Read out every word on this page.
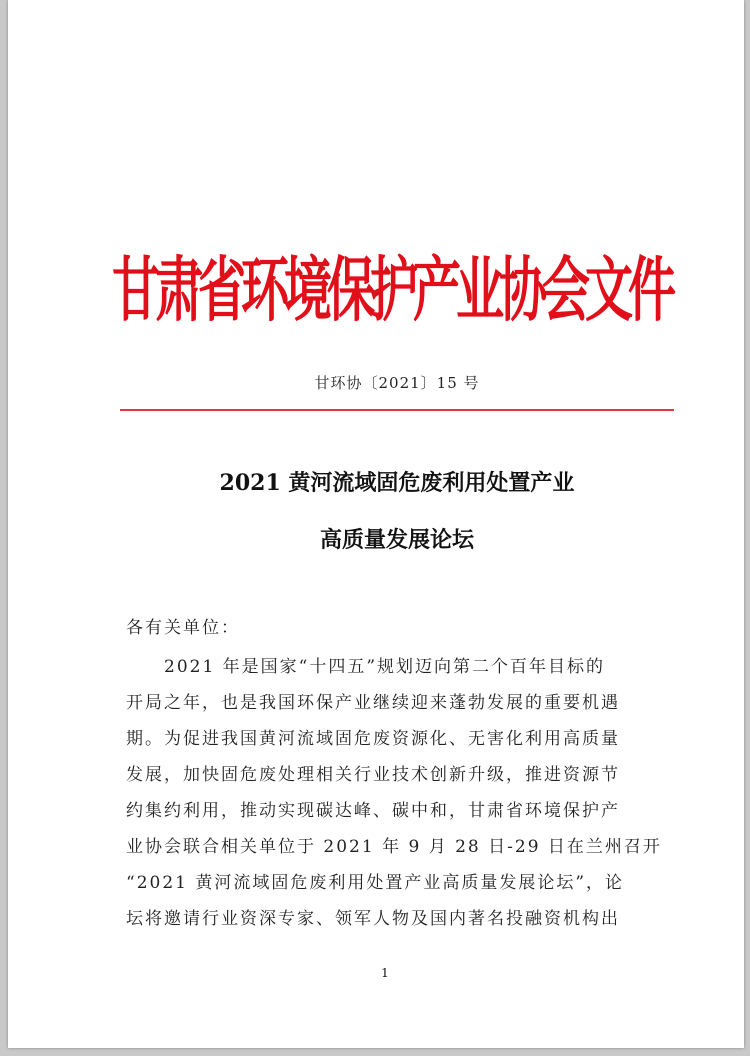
甘肃省环境保护产业协会文件
甘环协〔2021〕15 号
2021 黄河流域固危废利用处置产业
高质量发展论坛
各有关单位：
2021 年是国家“十四五”规划迈向第二个百年目标的
开局之年，也是我国环保产业继续迎来蓬勃发展的重要机遇
期。为促进我国黄河流域固危废资源化、无害化利用高质量
发展，加快固危废处理相关行业技术创新升级，推进资源节
约集约利用，推动实现碳达峰、碳中和，甘肃省环境保护产
业协会联合相关单位于 2021 年 9 月 28 日-29 日在兰州召开
“2021 黄河流域固危废利用处置产业高质量发展论坛”，论
坛将邀请行业资深专家、领军人物及国内著名投融资机构出
1
